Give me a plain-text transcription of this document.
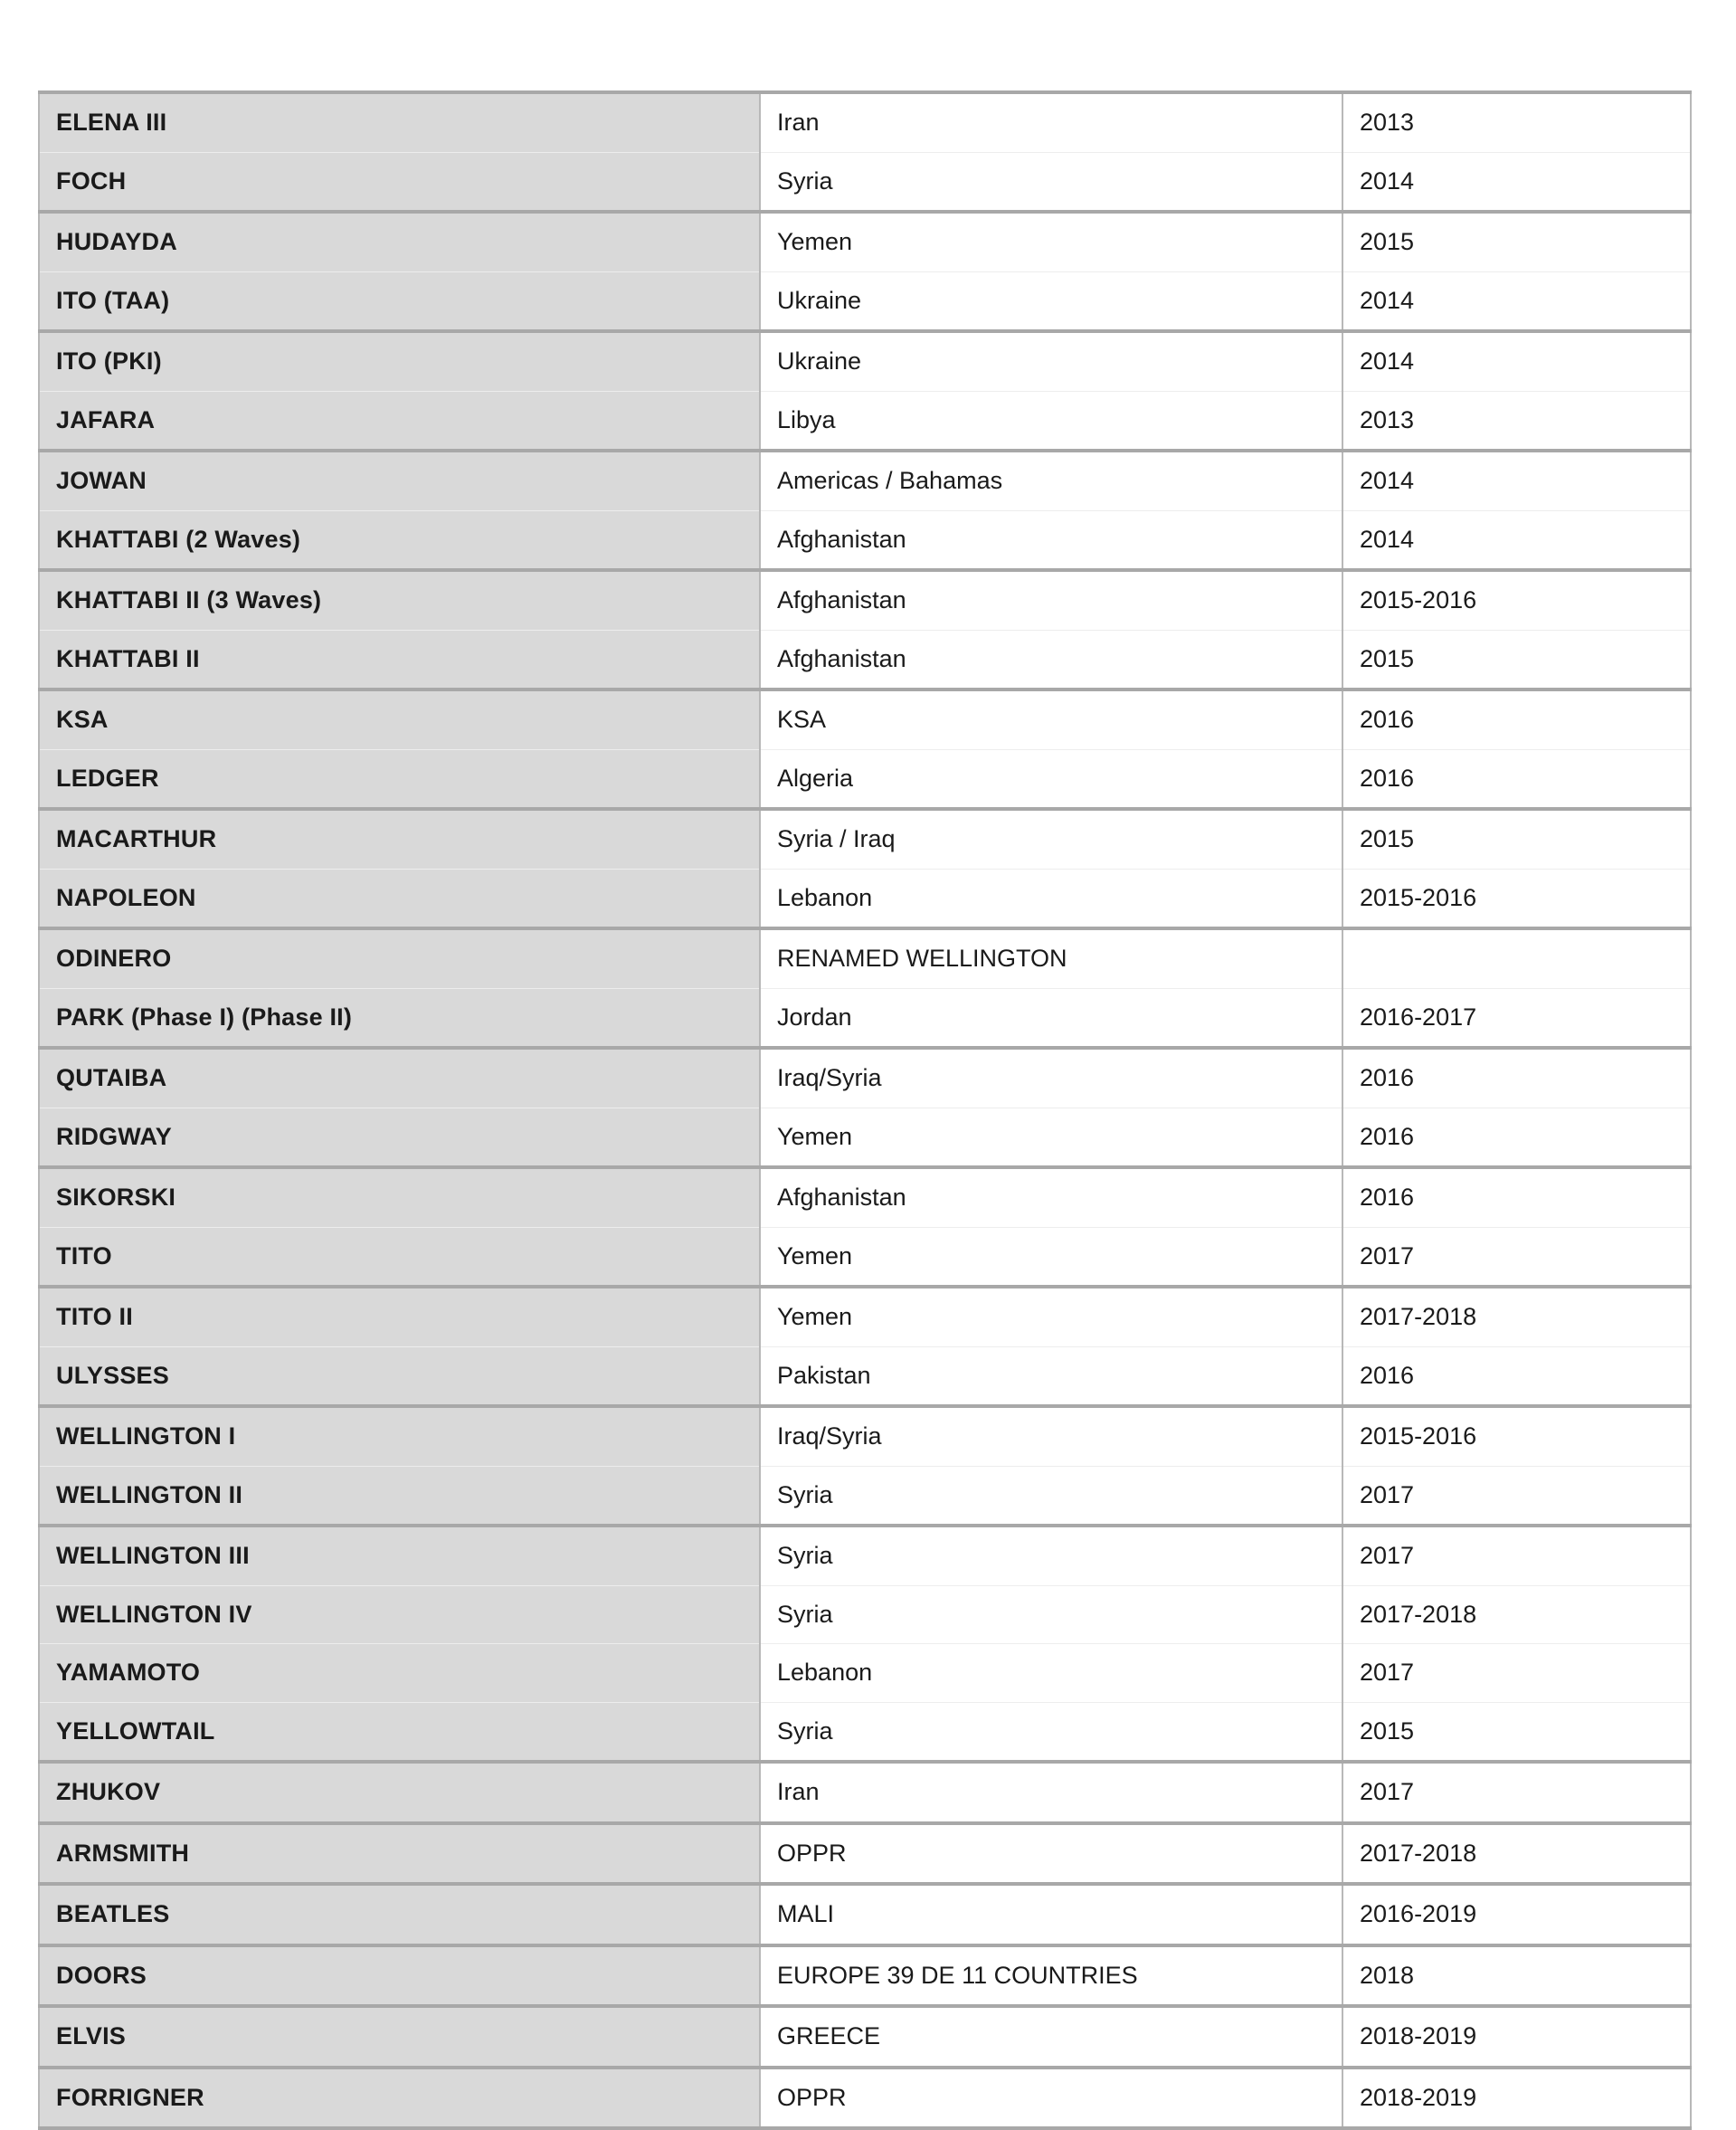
ELENA III	Iran	2013
FOCH	Syria	2014
HUDAYDA	Yemen	2015
ITO (TAA)	Ukraine	2014
ITO (PKI)	Ukraine	2014
JAFARA	Libya	2013
JOWAN	Americas / Bahamas	2014
KHATTABI (2 Waves)	Afghanistan	2014
KHATTABI II (3 Waves)	Afghanistan	2015-2016
KHATTABI II	Afghanistan	2015
KSA	KSA	2016
LEDGER	Algeria	2016
MACARTHUR	Syria / Iraq	2015
NAPOLEON	Lebanon	2015-2016
ODINERO	RENAMED WELLINGTON	
PARK (Phase I) (Phase II)	Jordan	2016-2017
QUTAIBA	Iraq/Syria	2016
RIDGWAY	Yemen	2016
SIKORSKI	Afghanistan	2016
TITO	Yemen	2017
TITO II	Yemen	2017-2018
ULYSSES	Pakistan	2016
WELLINGTON I	Iraq/Syria	2015-2016
WELLINGTON II	Syria	2017
WELLINGTON III	Syria	2017
WELLINGTON IV	Syria	2017-2018
YAMAMOTO	Lebanon	2017
YELLOWTAIL	Syria	2015
ZHUKOV	Iran	2017
ARMSMITH	OPPR	2017-2018
BEATLES	MALI	2016-2019
DOORS	EUROPE 39 DE 11 COUNTRIES	2018
ELVIS	GREECE	2018-2019
FORRIGNER	OPPR	2018-2019
